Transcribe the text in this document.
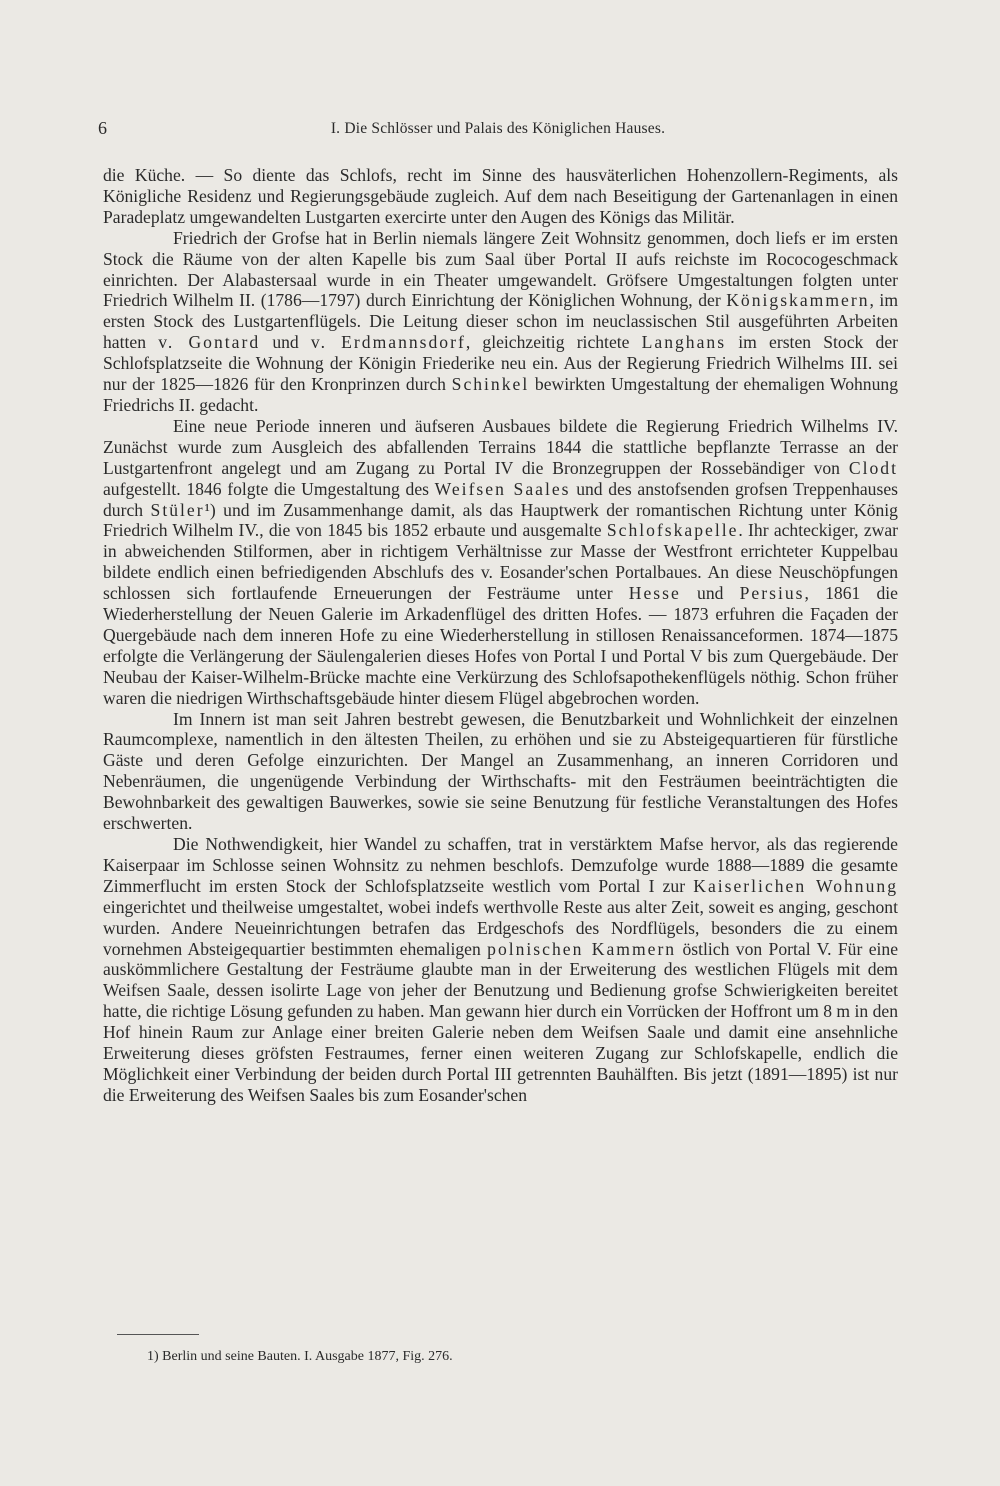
6	I. Die Schlösser und Palais des Königlichen Hauses.

die Küche. — So diente das Schlofs, recht im Sinne des hausväterlichen Hohenzollern-Regiments, als Königliche Residenz und Regierungsgebäude zugleich. Auf dem nach Beseitigung der Gartenanlagen in einen Paradeplatz umgewandelten Lustgarten exercirte unter den Augen des Königs das Militär.

Friedrich der Grofse hat in Berlin niemals längere Zeit Wohnsitz genommen, doch liefs er im ersten Stock die Räume von der alten Kapelle bis zum Saal über Portal II aufs reichste im Rococogeschmack einrichten. Der Alabastersaal wurde in ein Theater umgewandelt. Gröfsere Umgestaltungen folgten unter Friedrich Wilhelm II. (1786—1797) durch Einrichtung der Königlichen Wohnung, der Königskammern, im ersten Stock des Lustgartenflügels. Die Leitung dieser schon im neuclassischen Stil ausgeführten Arbeiten hatten v. Gontard und v. Erdmannsdorf, gleichzeitig richtete Langhans im ersten Stock der Schlofsplatzseite die Wohnung der Königin Friederike neu ein. Aus der Regierung Friedrich Wilhelms III. sei nur der 1825—1826 für den Kronprinzen durch Schinkel bewirkten Umgestaltung der ehemaligen Wohnung Friedrichs II. gedacht.

Eine neue Periode inneren und äufseren Ausbaues bildete die Regierung Friedrich Wilhelms IV. Zunächst wurde zum Ausgleich des abfallenden Terrains 1844 die stattliche bepflanzte Terrasse an der Lustgartenfront angelegt und am Zugang zu Portal IV die Bronzegruppen der Rossebändiger von Clodt aufgestellt. 1846 folgte die Umgestaltung des Weifsen Saales und des anstofsenden grofsen Treppenhauses durch Stüler¹) und im Zusammenhange damit, als das Hauptwerk der romantischen Richtung unter König Friedrich Wilhelm IV., die von 1845 bis 1852 erbaute und ausgemalte Schlofskapelle. Ihr achteckiger, zwar in abweichenden Stilformen, aber in richtigem Verhältnisse zur Masse der Westfront errichteter Kuppelbau bildete endlich einen befriedigenden Abschlufs des v. Eosander'schen Portalbaues. An diese Neuschöpfungen schlossen sich fortlaufende Erneuerungen der Festräume unter Hesse und Persius, 1861 die Wiederherstellung der Neuen Galerie im Arkadenflügel des dritten Hofes. — 1873 erfuhren die Façaden der Quergebäude nach dem inneren Hofe zu eine Wiederherstellung in stillosen Renaissanceformen. 1874—1875 erfolgte die Verlängerung der Säulengalerien dieses Hofes von Portal I und Portal V bis zum Quergebäude. Der Neubau der Kaiser-Wilhelm-Brücke machte eine Verkürzung des Schlofsapothekenflügels nöthig. Schon früher waren die niedrigen Wirthschaftsgebäude hinter diesem Flügel abgebrochen worden.

Im Innern ist man seit Jahren bestrebt gewesen, die Benutzbarkeit und Wohnlichkeit der einzelnen Raumcomplexe, namentlich in den ältesten Theilen, zu erhöhen und sie zu Absteigequartieren für fürstliche Gäste und deren Gefolge einzurichten. Der Mangel an Zusammenhang, an inneren Corridoren und Nebenräumen, die ungenügende Verbindung der Wirthschafts- mit den Festräumen beeinträchtigten die Bewohnbarkeit des gewaltigen Bauwerkes, sowie sie seine Benutzung für festliche Veranstaltungen des Hofes erschwerten.

Die Nothwendigkeit, hier Wandel zu schaffen, trat in verstärktem Mafse hervor, als das regierende Kaiserpaar im Schlosse seinen Wohnsitz zu nehmen beschlofs. Demzufolge wurde 1888—1889 die gesamte Zimmerflucht im ersten Stock der Schlofsplatzseite westlich vom Portal I zur Kaiserlichen Wohnung eingerichtet und theilweise umgestaltet, wobei indefs werthvolle Reste aus alter Zeit, soweit es anging, geschont wurden. Andere Neueinrichtungen betrafen das Erdgeschofs des Nordflügels, besonders die zu einem vornehmen Absteigequartier bestimmten ehemaligen polnischen Kammern östlich von Portal V. Für eine auskömmlichere Gestaltung der Festräume glaubte man in der Erweiterung des westlichen Flügels mit dem Weifsen Saale, dessen isolirte Lage von jeher der Benutzung und Bedienung grofse Schwierigkeiten bereitet hatte, die richtige Lösung gefunden zu haben. Man gewann hier durch ein Vorrücken der Hoffront um 8 m in den Hof hinein Raum zur Anlage einer breiten Galerie neben dem Weifsen Saale und damit eine ansehnliche Erweiterung dieses gröfsten Festraumes, ferner einen weiteren Zugang zur Schlofskapelle, endlich die Möglichkeit einer Verbindung der beiden durch Portal III getrennten Bauhälften. Bis jetzt (1891—1895) ist nur die Erweiterung des Weifsen Saales bis zum Eosander'schen

1) Berlin und seine Bauten. I. Ausgabe 1877, Fig. 276.
